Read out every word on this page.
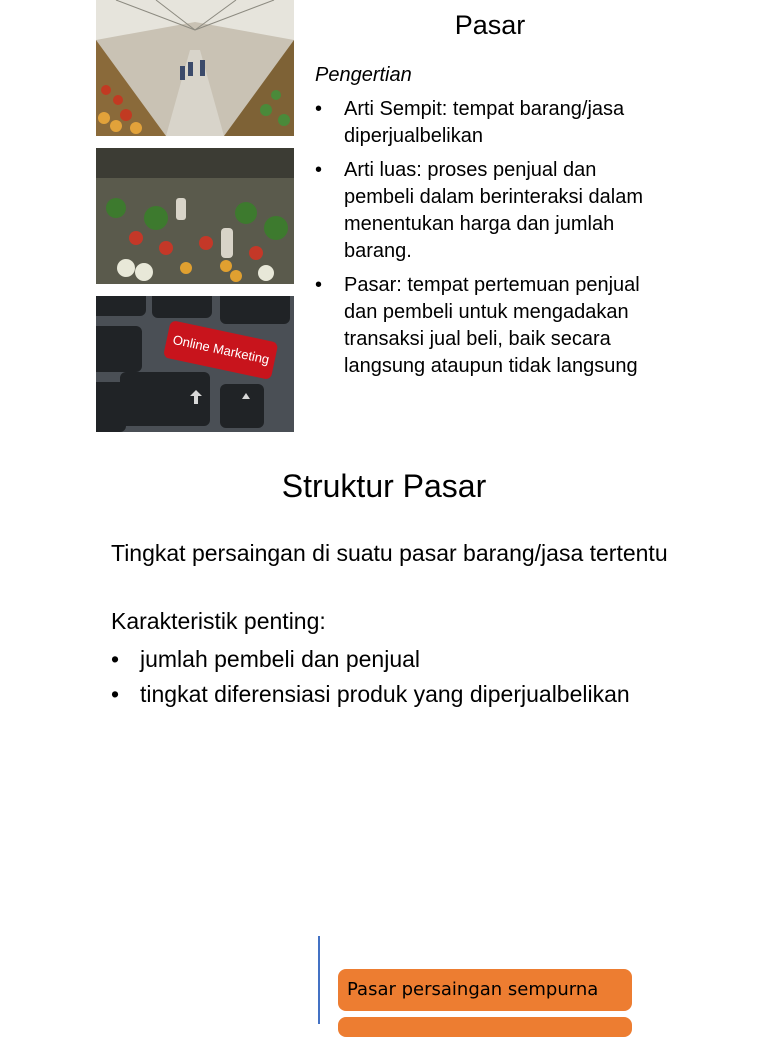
Online Marketing
Pasar
Pengertian
• Arti Sempit: tempat barang/jasa diperjualbelikan
• Arti luas: proses penjual dan pembeli dalam berinteraksi dalam menentukan harga dan jumlah barang.
• Pasar: tempat pertemuan penjual dan pembeli untuk mengadakan transaksi jual beli, baik secara langsung ataupun tidak langsung
Struktur Pasar
Tingkat persaingan di suatu pasar barang/jasa tertentu
Karakteristik penting:
• jumlah pembeli dan penjual
• tingkat diferensiasi produk yang diperjualbelikan
Pasar persaingan sempurna
